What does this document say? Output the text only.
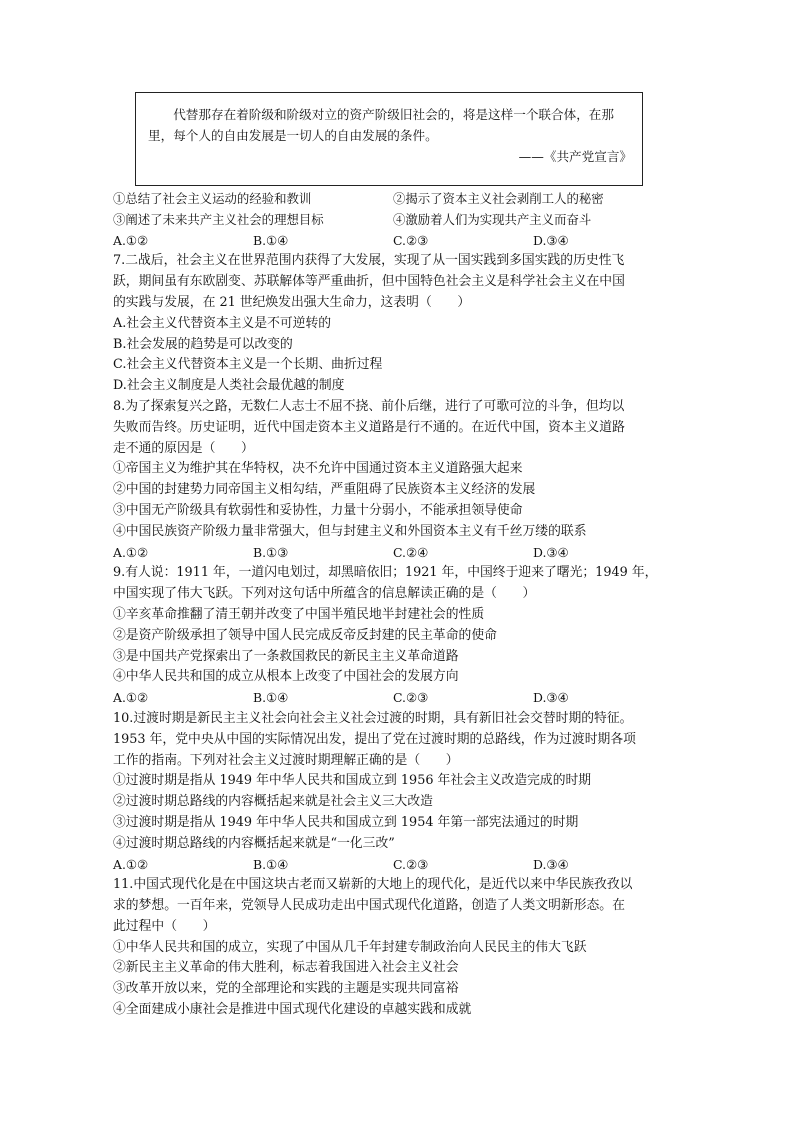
代替那存在着阶级和阶级对立的资产阶级旧社会的，将是这样一个联合体，在那里，每个人的自由发展是一切人的自由发展的条件。

——《共产党宣言》

①总结了社会主义运动的经验和教训	②揭示了资本主义社会剥削工人的秘密
③阐述了未来共产主义社会的理想目标	④激励着人们为实现共产主义而奋斗
A.①②	B.①④	C.②③	D.③④
7.二战后，社会主义在世界范围内获得了大发展，实现了从一国实践到多国实践的历史性飞
跃，期间虽有东欧剧变、苏联解体等严重曲折，但中国特色社会主义是科学社会主义在中国
的实践与发展，在 21 世纪焕发出强大生命力，这表明（　　）
A.社会主义代替资本主义是不可逆转的
B.社会发展的趋势是可以改变的
C.社会主义代替资本主义是一个长期、曲折过程
D.社会主义制度是人类社会最优越的制度
8.为了探索复兴之路，无数仁人志士不屈不挠、前仆后继，进行了可歌可泣的斗争，但均以
失败而告终。历史证明，近代中国走资本主义道路是行不通的。在近代中国，资本主义道路
走不通的原因是（　　）
①帝国主义为维护其在华特权，决不允许中国通过资本主义道路强大起来
②中国的封建势力同帝国主义相勾结，严重阻碍了民族资本主义经济的发展
③中国无产阶级具有软弱性和妥协性，力量十分弱小，不能承担领导使命
④中国民族资产阶级力量非常强大，但与封建主义和外国资本主义有千丝万缕的联系
A.①②	B.①③	C.②④	D.③④
9.有人说：1911 年，一道闪电划过，却黑暗依旧；1921 年，中国终于迎来了曙光；1949 年，
中国实现了伟大飞跃。下列对这句话中所蕴含的信息解读正确的是（　　）
①辛亥革命推翻了清王朝并改变了中国半殖民地半封建社会的性质
②是资产阶级承担了领导中国人民完成反帝反封建的民主革命的使命
③是中国共产党探索出了一条救国救民的新民主主义革命道路
④中华人民共和国的成立从根本上改变了中国社会的发展方向
A.①②	B.①④	C.②③	D.③④
10.过渡时期是新民主主义社会向社会主义社会过渡的时期，具有新旧社会交替时期的特征。
1953 年，党中央从中国的实际情况出发，提出了党在过渡时期的总路线，作为过渡时期各项
工作的指南。下列对社会主义过渡时期理解正确的是（　　）
①过渡时期是指从 1949 年中华人民共和国成立到 1956 年社会主义改造完成的时期
②过渡时期总路线的内容概括起来就是社会主义三大改造
③过渡时期是指从 1949 年中华人民共和国成立到 1954 年第一部宪法通过的时期
④过渡时期总路线的内容概括起来就是“一化三改”
A.①②	B.①④	C.②③	D.③④
11.中国式现代化是在中国这块古老而又崭新的大地上的现代化，是近代以来中华民族孜孜以
求的梦想。一百年来，党领导人民成功走出中国式现代化道路，创造了人类文明新形态。在
此过程中（　　）
①中华人民共和国的成立，实现了中国从几千年封建专制政治向人民民主的伟大飞跃
②新民主主义革命的伟大胜利，标志着我国进入社会主义社会
③改革开放以来，党的全部理论和实践的主题是实现共同富裕
④全面建成小康社会是推进中国式现代化建设的卓越实践和成就
